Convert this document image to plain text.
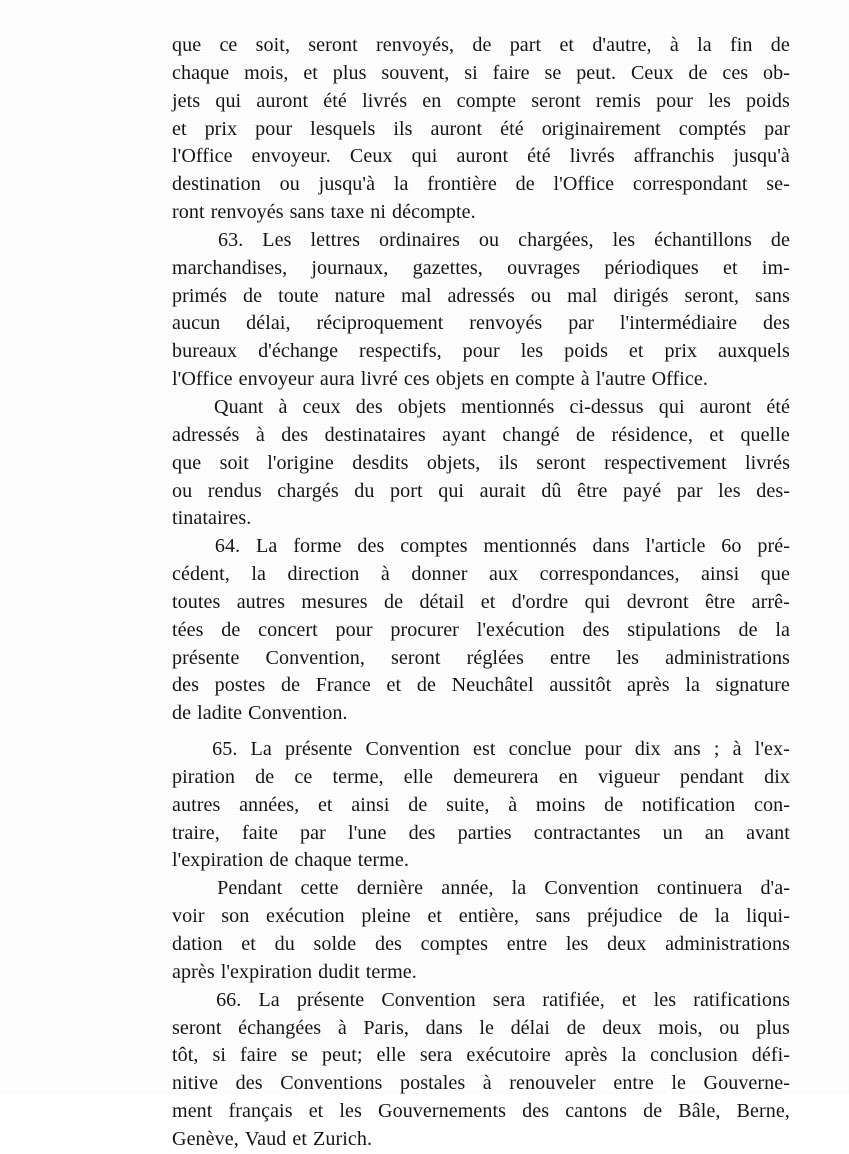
que ce soit, seront renvoyés, de part et d'autre, à la fin de
chaque mois, et plus souvent, si faire se peut. Ceux de ces ob-
jets qui auront été livrés en compte seront remis pour les poids
et prix pour lesquels ils auront été originairement comptés par
l'Office envoyeur. Ceux qui auront été livrés affranchis jusqu'à
destination ou jusqu'à la frontière de l'Office correspondant se-
ront renvoyés sans taxe ni décompte.
63. Les lettres ordinaires ou chargées, les échantillons de
marchandises, journaux, gazettes, ouvrages périodiques et im-
primés de toute nature mal adressés ou mal dirigés seront, sans
aucun délai, réciproquement renvoyés par l'intermédiaire des
bureaux d'échange respectifs, pour les poids et prix auxquels
l'Office envoyeur aura livré ces objets en compte à l'autre Office.
Quant à ceux des objets mentionnés ci-dessus qui auront été
adressés à des destinataires ayant changé de résidence, et quelle
que soit l'origine desdits objets, ils seront respectivement livrés
ou rendus chargés du port qui aurait dû être payé par les des-
tinataires.
64. La forme des comptes mentionnés dans l'article 6o pré-
cédent, la direction à donner aux correspondances, ainsi que
toutes autres mesures de détail et d'ordre qui devront être arrê-
tées de concert pour procurer l'exécution des stipulations de la
présente Convention, seront réglées entre les administrations
des postes de France et de Neuchâtel aussitôt après la signature
de ladite Convention.
65. La présente Convention est conclue pour dix ans ; à l'ex-
piration de ce terme, elle demeurera en vigueur pendant dix
autres années, et ainsi de suite, à moins de notification con-
traire, faite par l'une des parties contractantes un an avant
l'expiration de chaque terme.
Pendant cette dernière année, la Convention continuera d'a-
voir son exécution pleine et entière, sans préjudice de la liqui-
dation et du solde des comptes entre les deux administrations
après l'expiration dudit terme.
66. La présente Convention sera ratifiée, et les ratifications
seront échangées à Paris, dans le délai de deux mois, ou plus
tôt, si faire se peut; elle sera exécutoire après la conclusion défi-
nitive des Conventions postales à renouveler entre le Gouverne-
ment français et les Gouvernements des cantons de Bâle, Berne,
Genève, Vaud et Zurich.
